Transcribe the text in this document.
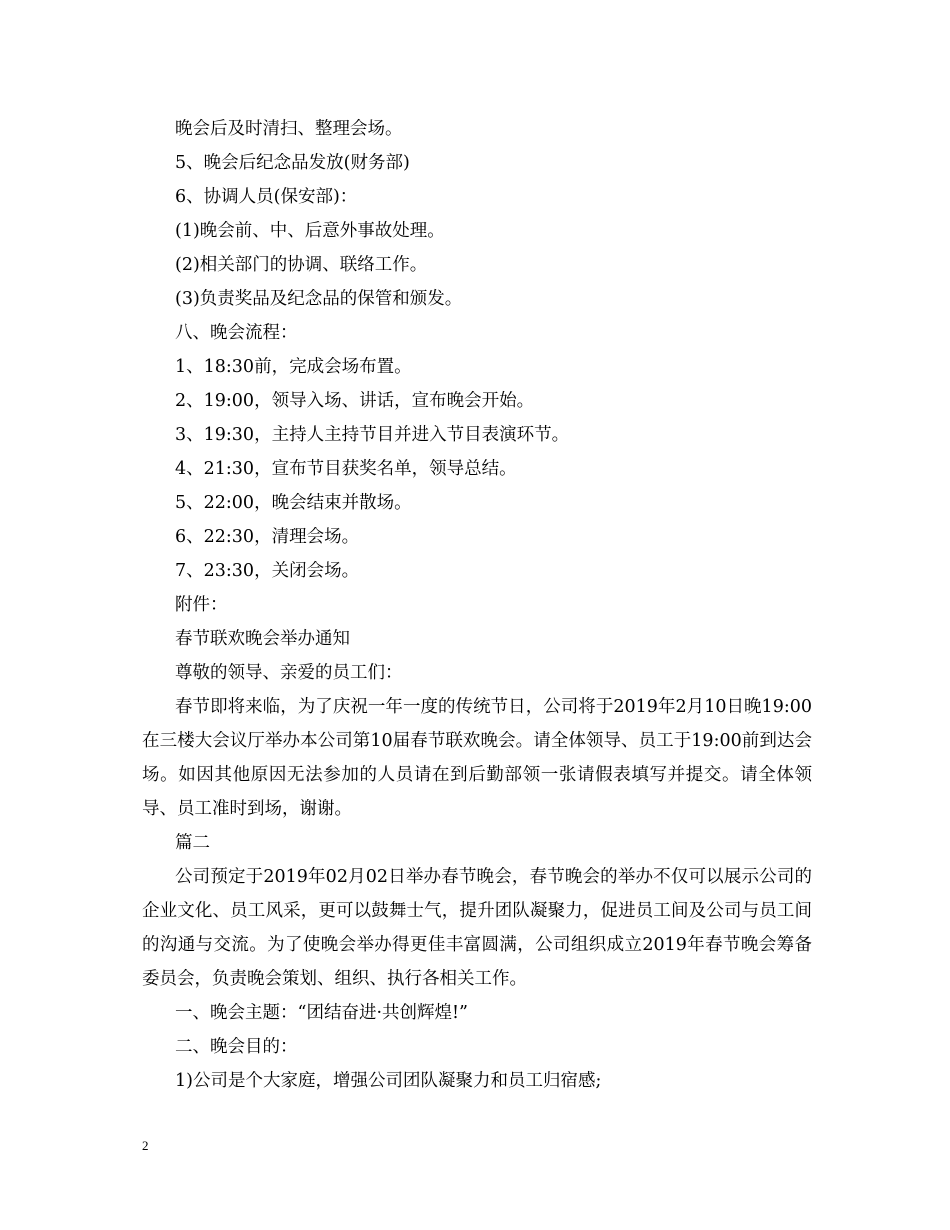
晚会后及时清扫、整理会场。
5、晚会后纪念品发放(财务部)
6、协调人员(保安部)：
(1)晚会前、中、后意外事故处理。
(2)相关部门的协调、联络工作。
(3)负责奖品及纪念品的保管和颁发。
八、晚会流程：
1、18:30前，完成会场布置。
2、19:00，领导入场、讲话，宣布晚会开始。
3、19:30，主持人主持节目并进入节目表演环节。
4、21:30，宣布节目获奖名单，领导总结。
5、22:00，晚会结束并散场。
6、22:30，清理会场。
7、23:30，关闭会场。
附件：
春节联欢晚会举办通知
尊敬的领导、亲爱的员工们：
春节即将来临，为了庆祝一年一度的传统节日，公司将于2019年2月10日晚19:00在三楼大会议厅举办本公司第10届春节联欢晚会。请全体领导、员工于19:00前到达会场。如因其他原因无法参加的人员请在到后勤部领一张请假表填写并提交。请全体领导、员工准时到场，谢谢。
篇二
公司预定于2019年02月02日举办春节晚会，春节晚会的举办不仅可以展示公司的企业文化、员工风采，更可以鼓舞士气，提升团队凝聚力，促进员工间及公司与员工间的沟通与交流。为了使晚会举办得更佳丰富圆满，公司组织成立2019年春节晚会筹备委员会，负责晚会策划、组织、执行各相关工作。
一、晚会主题：“团结奋进·共创辉煌!”
二、晚会目的：
1)公司是个大家庭，增强公司团队凝聚力和员工归宿感;
2
